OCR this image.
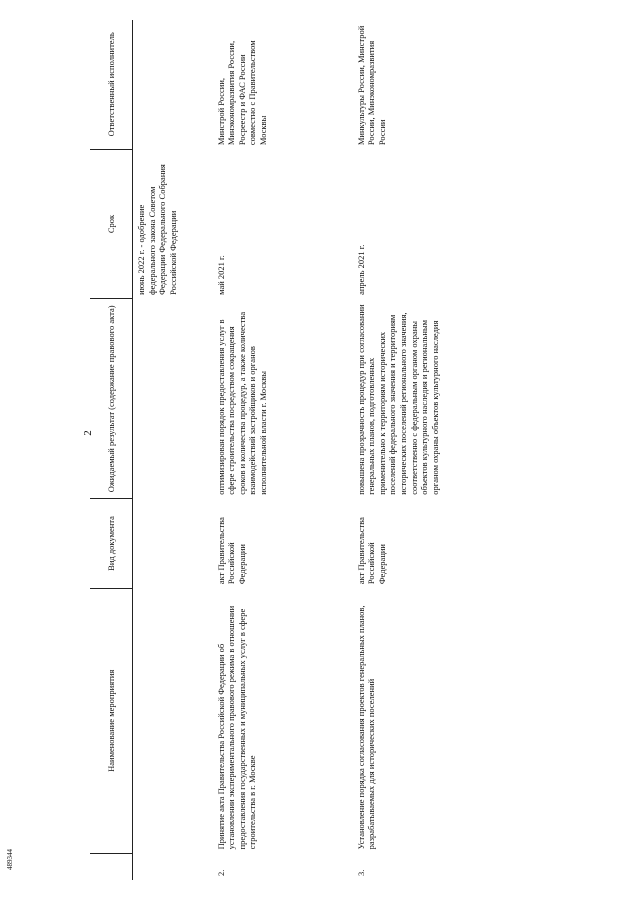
2
489344
	Наименование мероприятия	Вид документа	Ожидаемый результат (содержание правового акта)	Срок	Ответственный исполнитель
				июнь 2022 г. - одобрение федерального закона Советом Федерации Федерального Собрания Российской Федерации	
2.	Принятие акта Правительства Российской Федерации об установлении экспериментального правового режима в отношении предоставления государственных и муниципальных услуг в сфере строительства в г. Москве	акт Правительства Российской Федерации	оптимизирован порядок предоставления услуг в сфере строительства посредством сокращения сроков и количества процедур, а также количества взаимодействий застройщиков и органов исполнительной власти г. Москвы	май 2021 г.	Минстрой России, Минэкономразвития России, Росреестр и ФАС России совместно с Правительством Москвы
3.	Установление порядка согласования проектов генеральных планов, разрабатываемых для исторических поселений	акт Правительства Российской Федерации	повышена прозрачность процедур при согласовании генеральных планов, подготовленных применительно к территориям исторических поселений федерального значения и территориям исторических поселений регионального значения, соответственно с федеральным органом охраны объектов культурного наследия и региональным органом охраны объектов культурного наследия	апрель 2021 г.	Минкультуры России, Минстрой России, Минэкономразвития России
